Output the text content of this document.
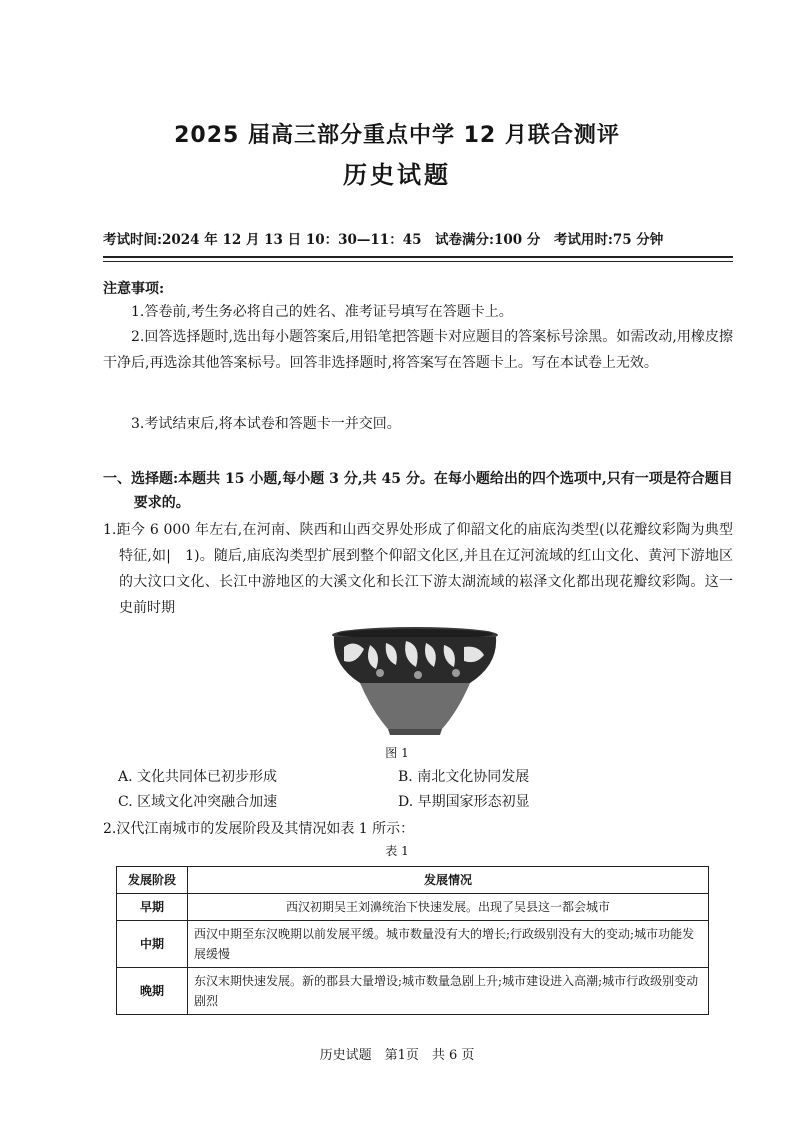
2025 届高三部分重点中学 12 月联合测评
历史试题
考试时间:2024 年 12 月 13 日 10：30—11：45　试卷满分:100 分　考试用时:75 分钟
注意事项:
1.答卷前,考生务必将自己的姓名、准考证号填写在答题卡上。
2.回答选择题时,选出每小题答案后,用铅笔把答题卡对应题目的答案标号涂黑。如需改动,用橡皮擦干净后,再选涂其他答案标号。回答非选择题时,将答案写在答题卡上。写在本试卷上无效。
3.考试结束后,将本试卷和答题卡一并交回。
一、选择题:本题共 15 小题,每小题 3 分,共 45 分。在每小题给出的四个选项中,只有一项是符合题目要求的。
1.距今 6 000 年左右,在河南、陕西和山西交界处形成了仰韶文化的庙底沟类型(以花瓣纹彩陶为典型特征,如|　1)。随后,庙底沟类型扩展到整个仰韶文化区,并且在辽河流域的红山文化、黄河下游地区的大汶口文化、长江中游地区的大溪文化和长江下游太湖流域的崧泽文化都出现花瓣纹彩陶。这一史前时期
图 1
A. 文化共同体已初步形成	B. 南北文化协同发展
C. 区域文化冲突融合加速	D. 早期国家形态初显
2.汉代江南城市的发展阶段及其情况如表 1 所示：
表 1
发展阶段	发展情况
早期	西汉初期吴王刘濞统治下快速发展。出现了吴县这一都会城市
中期	西汉中期至东汉晚期以前发展平缓。城市数量没有大的增长;行政级别没有大的变动;城市功能发展缓慢
晚期	东汉末期快速发展。新的郡县大量增设;城市数量急剧上升;城市建设进入高潮;城市行政级别变动剧烈
历史试题　第1页　共 6 页
